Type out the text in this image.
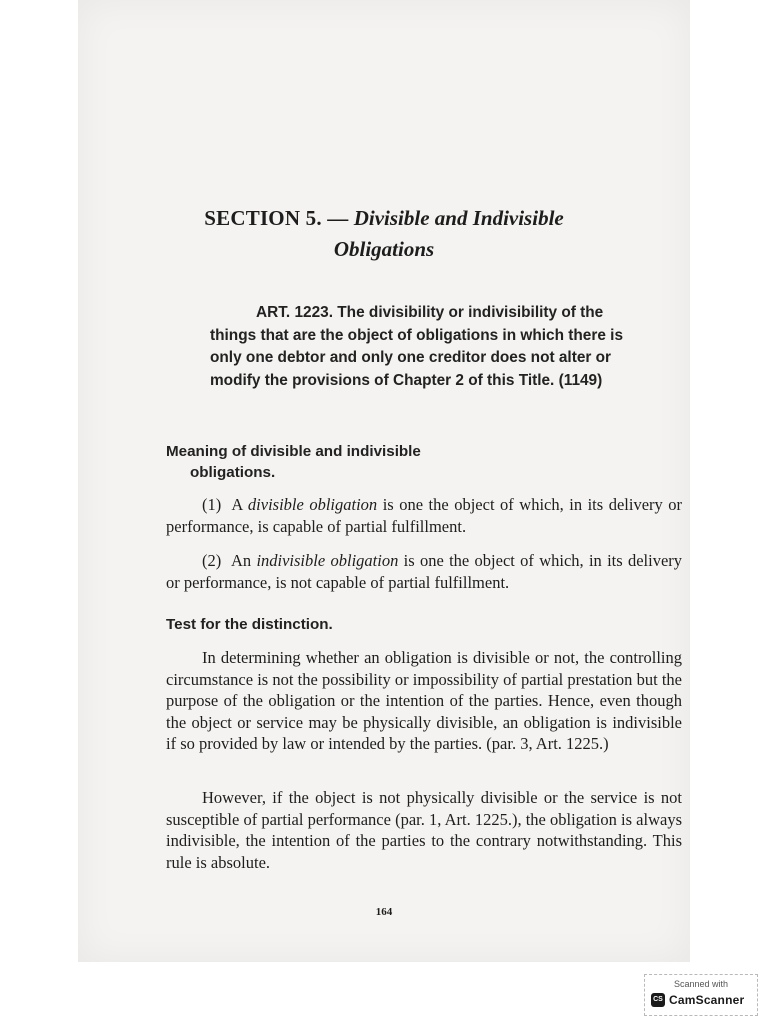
SECTION 5. — Divisible and Indivisible
Obligations
ART. 1223. The divisibility or indivisibility of the things that are the object of obligations in which there is only one debtor and only one creditor does not alter or modify the provisions of Chapter 2 of this Title. (1149)
Meaning of divisible and indivisible
obligations.

(1) A divisible obligation is one the object of which, in its delivery or performance, is capable of partial fulfillment.

(2) An indivisible obligation is one the object of which, in its delivery or performance, is not capable of partial fulfillment.

Test for the distinction.

In determining whether an obligation is divisible or not, the controlling circumstance is not the possibility or impossibility of partial prestation but the purpose of the obligation or the intention of the parties. Hence, even though the object or service may be physically divisible, an obligation is indivisible if so provided by law or intended by the parties. (par. 3, Art. 1225.)

However, if the object is not physically divisible or the service is not susceptible of partial performance (par. 1, Art. 1225.), the obligation is always indivisible, the intention of the parties to the contrary notwithstanding. This rule is absolute.

164
Scanned with
CS CamScanner
